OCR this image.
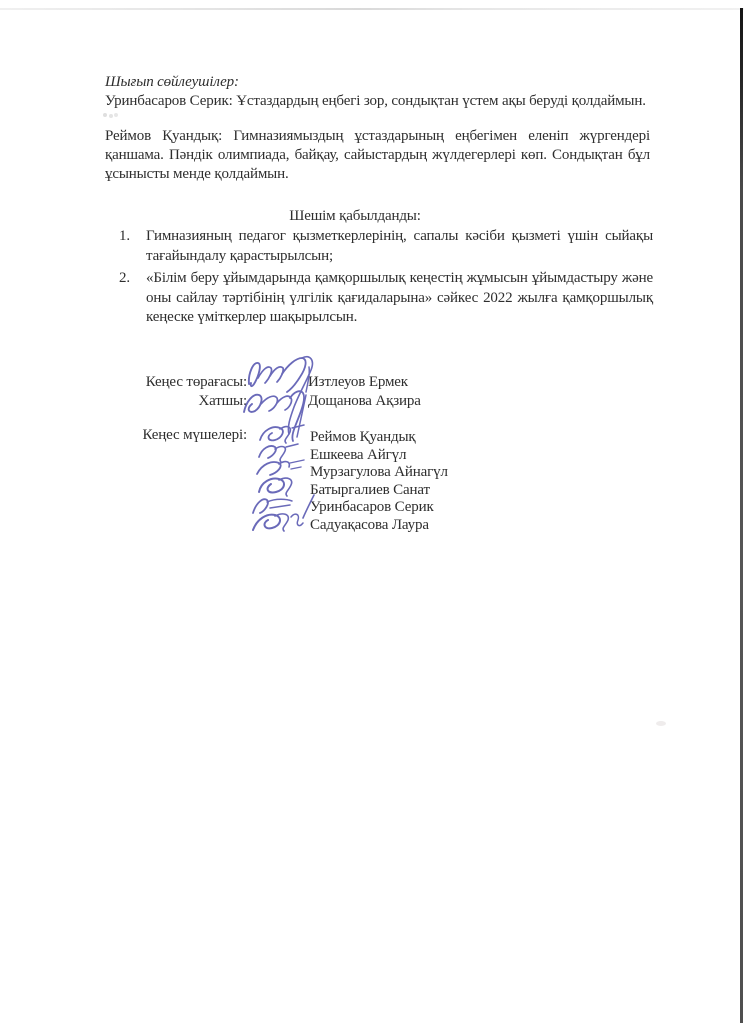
Шығып сөйлеушілер:
Уринбасаров Серик: Ұстаздардың еңбегі зор, сондықтан үстем ақы беруді қолдаймын.
Реймов Қуандық: Гимназиямыздың ұстаздарының еңбегімен еленіп жүргендері қаншама. Пәндік олимпиада, байқау, сайыстардың жүлдегерлері көп. Сондықтан бұл ұсынысты менде қолдаймын.
Шешім қабылданды:
1.	Гимназияның педагог қызметкерлерінің, сапалы кәсіби қызметі үшін сыйақы тағайындалу қарастырылсын;
2.	«Білім беру ұйымдарында қамқоршылық кеңестің жұмысын ұйымдастыру және оны сайлау тәртібінің үлгілік қағидаларына» сәйкес 2022 жылға қамқоршылық кеңеске үміткерлер шақырылсын.
Кеңес төрағасы:	Изтлеуов Ермек
Хатшы:	Дощанова Ақзира
Кеңес мүшелері:	Реймов Қуандық
Ешкеева Айгүл
Мурзагулова Айнагүл
Батыргалиев Санат
Уринбасаров Серик
Садуақасова Лаура
